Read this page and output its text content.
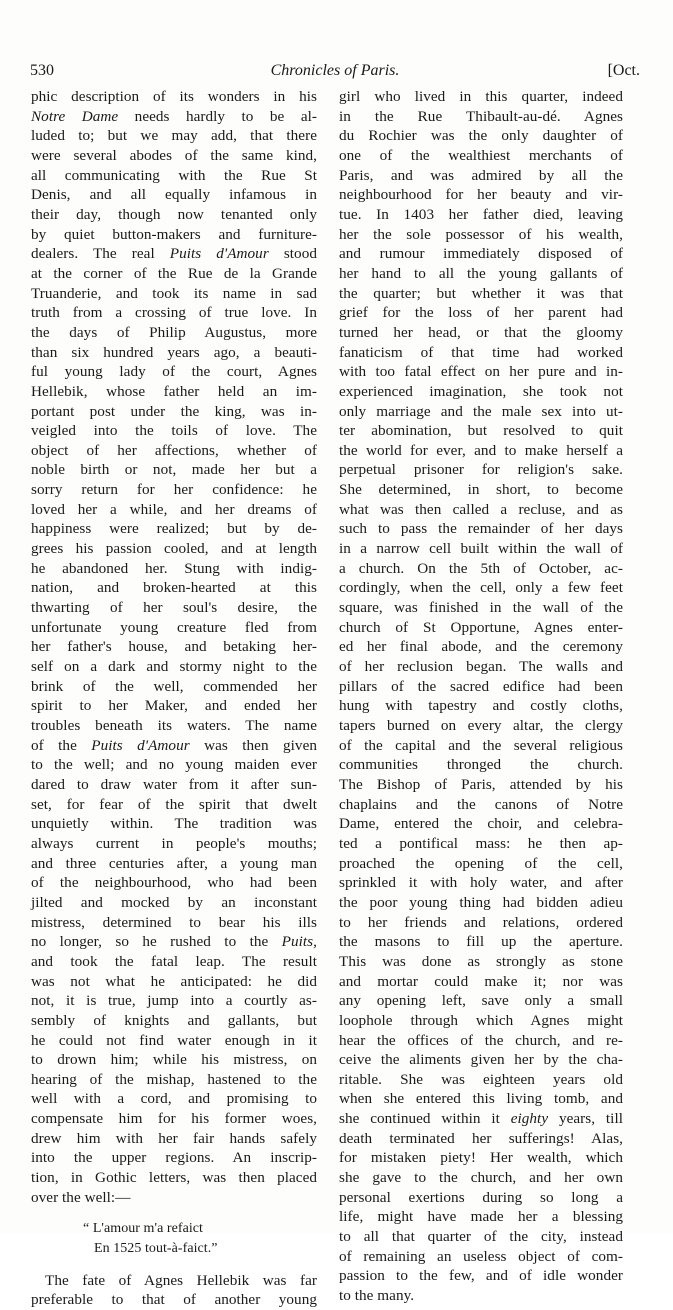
530	Chronicles of Paris.	[Oct.
phic description of its wonders in his
Notre Dame needs hardly to be al-
luded to; but we may add, that there
were several abodes of the same kind,
all communicating with the Rue St
Denis, and all equally infamous in
their day, though now tenanted only
by quiet button-makers and furniture-
dealers. The real Puits d'Amour stood
at the corner of the Rue de la Grande
Truanderie, and took its name in sad
truth from a crossing of true love. In
the days of Philip Augustus, more
than six hundred years ago, a beauti-
ful young lady of the court, Agnes
Hellebik, whose father held an im-
portant post under the king, was in-
veigled into the toils of love. The
object of her affections, whether of
noble birth or not, made her but a
sorry return for her confidence: he
loved her a while, and her dreams of
happiness were realized; but by de-
grees his passion cooled, and at length
he abandoned her. Stung with indig-
nation, and broken-hearted at this
thwarting of her soul's desire, the
unfortunate young creature fled from
her father's house, and betaking her-
self on a dark and stormy night to the
brink of the well, commended her
spirit to her Maker, and ended her
troubles beneath its waters. The name
of the Puits d'Amour was then given
to the well; and no young maiden ever
dared to draw water from it after sun-
set, for fear of the spirit that dwelt
unquietly within. The tradition was
always current in people's mouths;
and three centuries after, a young man
of the neighbourhood, who had been
jilted and mocked by an inconstant
mistress, determined to bear his ills
no longer, so he rushed to the Puits,
and took the fatal leap. The result
was not what he anticipated: he did
not, it is true, jump into a courtly as-
sembly of knights and gallants, but
he could not find water enough in it
to drown him; while his mistress, on
hearing of the mishap, hastened to the
well with a cord, and promising to
compensate him for his former woes,
drew him with her fair hands safely
into the upper regions. An inscrip-
tion, in Gothic letters, was then placed
over the well:—
“ L'amour m'a refaict
En 1525 tout-à-faict.”
The fate of Agnes Hellebik was far
preferable to that of another young
girl who lived in this quarter, indeed
in the Rue Thibault-au-dé. Agnes
du Rochier was the only daughter of
one of the wealthiest merchants of
Paris, and was admired by all the
neighbourhood for her beauty and vir-
tue. In 1403 her father died, leaving
her the sole possessor of his wealth,
and rumour immediately disposed of
her hand to all the young gallants of
the quarter; but whether it was that
grief for the loss of her parent had
turned her head, or that the gloomy
fanaticism of that time had worked
with too fatal effect on her pure and in-
experienced imagination, she took not
only marriage and the male sex into ut-
ter abomination, but resolved to quit
the world for ever, and to make herself a
perpetual prisoner for religion's sake.
She determined, in short, to become
what was then called a recluse, and as
such to pass the remainder of her days
in a narrow cell built within the wall of
a church. On the 5th of October, ac-
cordingly, when the cell, only a few feet
square, was finished in the wall of the
church of St Opportune, Agnes enter-
ed her final abode, and the ceremony
of her reclusion began. The walls and
pillars of the sacred edifice had been
hung with tapestry and costly cloths,
tapers burned on every altar, the clergy
of the capital and the several religious
communities thronged the church.
The Bishop of Paris, attended by his
chaplains and the canons of Notre
Dame, entered the choir, and celebra-
ted a pontifical mass: he then ap-
proached the opening of the cell,
sprinkled it with holy water, and after
the poor young thing had bidden adieu
to her friends and relations, ordered
the masons to fill up the aperture.
This was done as strongly as stone
and mortar could make it; nor was
any opening left, save only a small
loophole through which Agnes might
hear the offices of the church, and re-
ceive the aliments given her by the cha-
ritable. She was eighteen years old
when she entered this living tomb, and
she continued within it eighty years, till
death terminated her sufferings! Alas,
for mistaken piety! Her wealth, which
she gave to the church, and her own
personal exertions during so long a
life, might have made her a blessing
to all that quarter of the city, instead
of remaining an useless object of com-
passion to the few, and of idle wonder
to the many.
